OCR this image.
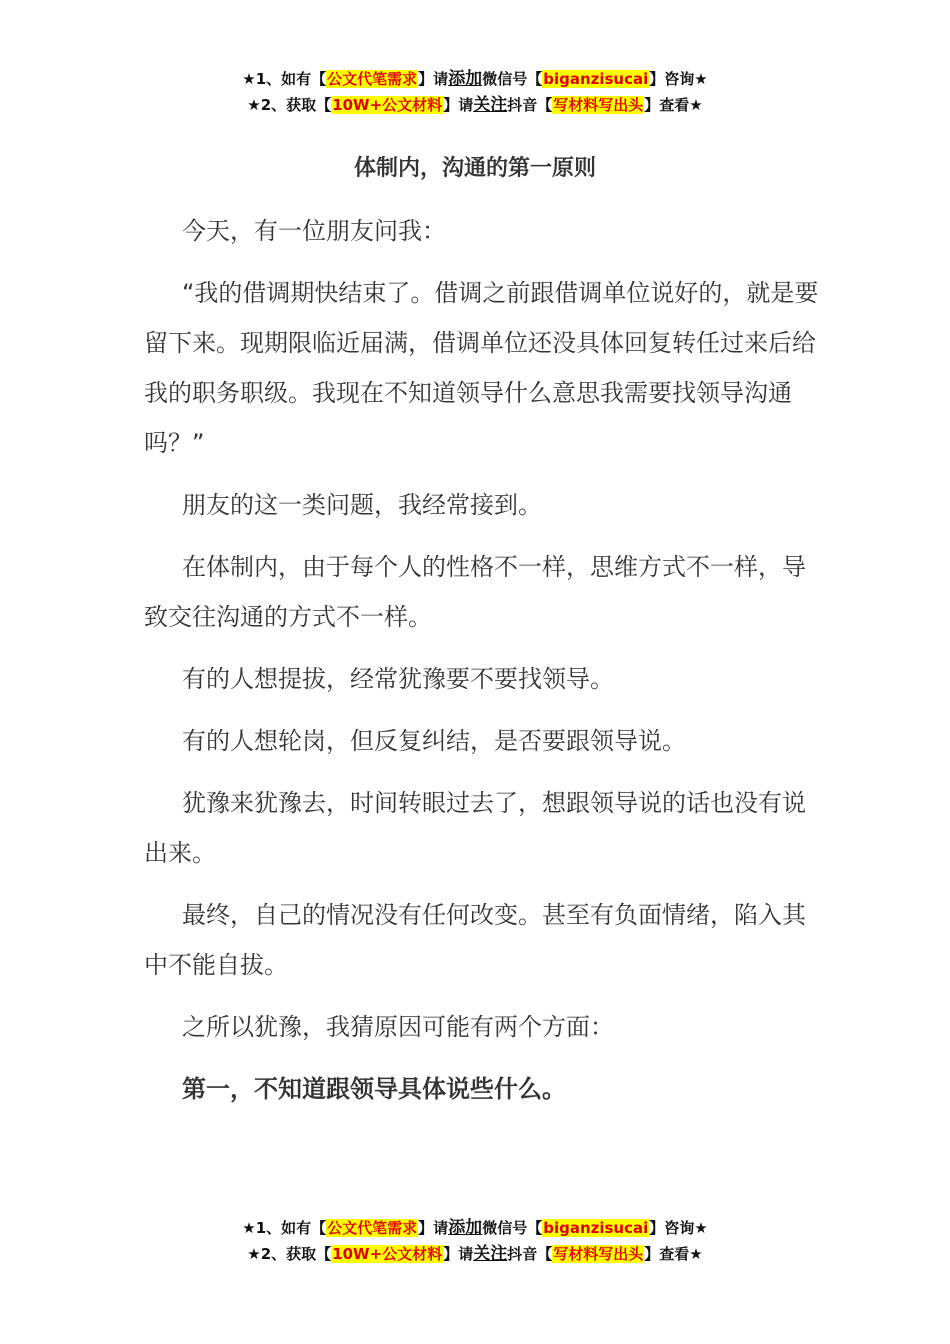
★1、如有【公文代笔需求】请添加微信号【biganzisucai】咨询★
★2、获取【10W+公文材料】请关注抖音【写材料写出头】查看★
体制内，沟通的第一原则

今天，有一位朋友问我：

“我的借调期快结束了。借调之前跟借调单位说好的，就是要留下来。现期限临近届满，借调单位还没具体回复转任过来后给我的职务职级。我现在不知道领导什么意思我需要找领导沟通吗？”

朋友的这一类问题，我经常接到。

在体制内，由于每个人的性格不一样，思维方式不一样，导致交往沟通的方式不一样。

有的人想提拔，经常犹豫要不要找领导。

有的人想轮岗，但反复纠结，是否要跟领导说。

犹豫来犹豫去，时间转眼过去了，想跟领导说的话也没有说出来。

最终，自己的情况没有任何改变。甚至有负面情绪，陷入其中不能自拔。

之所以犹豫，我猜原因可能有两个方面：

第一，不知道跟领导具体说些什么。

★1、如有【公文代笔需求】请添加微信号【biganzisucai】咨询★
★2、获取【10W+公文材料】请关注抖音【写材料写出头】查看★
